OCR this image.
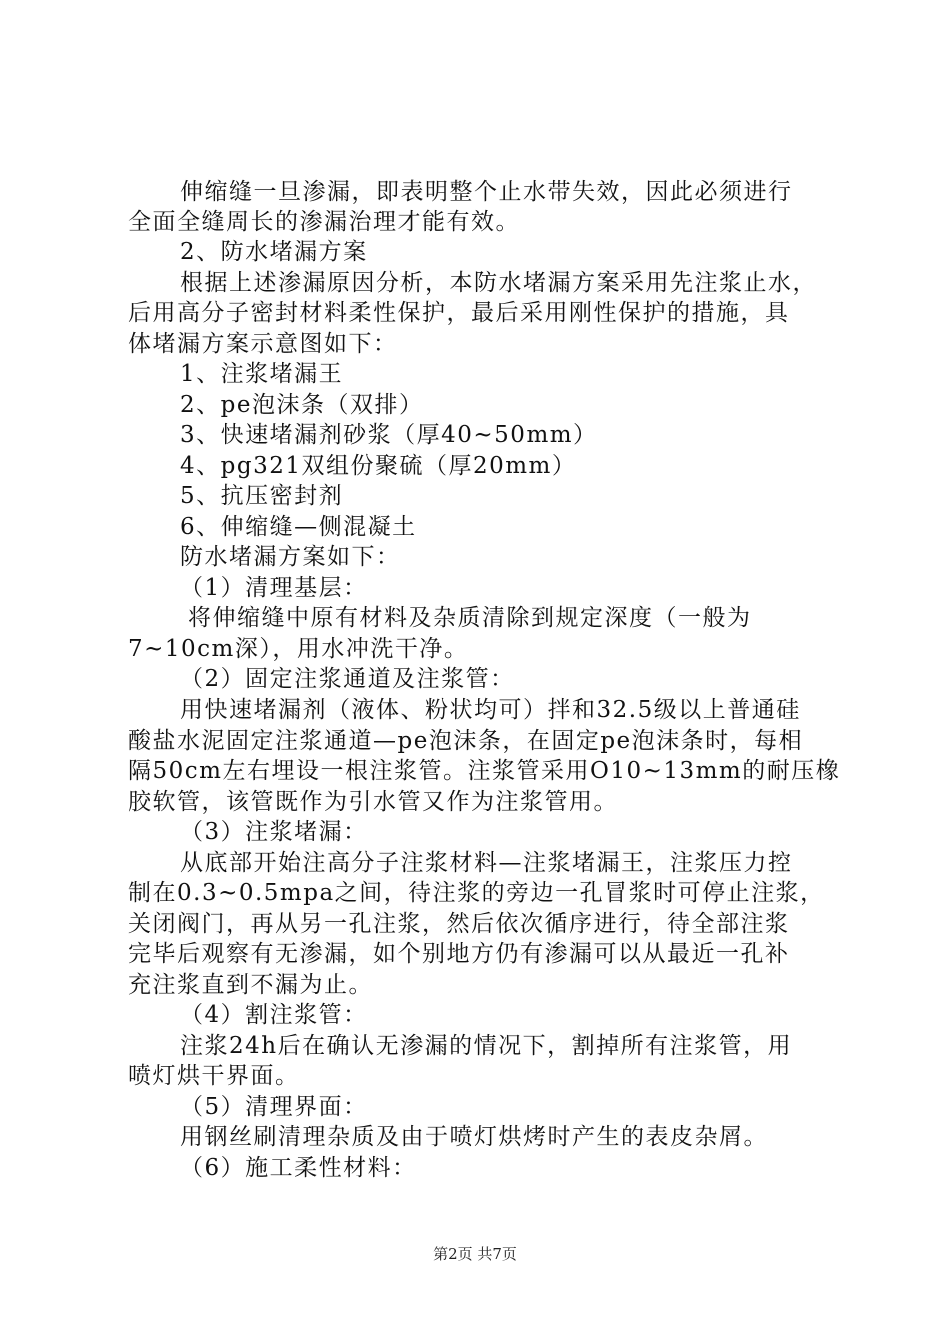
伸缩缝一旦渗漏，即表明整个止水带失效，因此必须进行
全面全缝周长的渗漏治理才能有效。
2、防水堵漏方案
根据上述渗漏原因分析，本防水堵漏方案采用先注浆止水，
后用高分子密封材料柔性保护，最后采用刚性保护的措施，具
体堵漏方案示意图如下：
1、注浆堵漏王
2、pe泡沫条（双排）
3、快速堵漏剂砂浆（厚40~50mm）
4、pg321双组份聚硫（厚20mm）
5、抗压密封剂
6、伸缩缝—侧混凝土
防水堵漏方案如下：
（1）清理基层：
将伸缩缝中原有材料及杂质清除到规定深度（一般为
7~10cm深），用水冲洗干净。
（2）固定注浆通道及注浆管：
用快速堵漏剂（液体、粉状均可）拌和32.5级以上普通硅
酸盐水泥固定注浆通道—pe泡沫条，在固定pe泡沫条时，每相
隔50cm左右埋设一根注浆管。注浆管采用O10~13mm的耐压橡
胶软管，该管既作为引水管又作为注浆管用。
（3）注浆堵漏：
从底部开始注高分子注浆材料—注浆堵漏王，注浆压力控
制在0.3~0.5mpa之间，待注浆的旁边一孔冒浆时可停止注浆，
关闭阀门，再从另一孔注浆，然后依次循序进行，待全部注浆
完毕后观察有无渗漏，如个别地方仍有渗漏可以从最近一孔补
充注浆直到不漏为止。
（4）割注浆管：
注浆24h后在确认无渗漏的情况下，割掉所有注浆管，用
喷灯烘干界面。
（5）清理界面：
用钢丝刷清理杂质及由于喷灯烘烤时产生的表皮杂屑。
（6）施工柔性材料：
第2页 共7页
